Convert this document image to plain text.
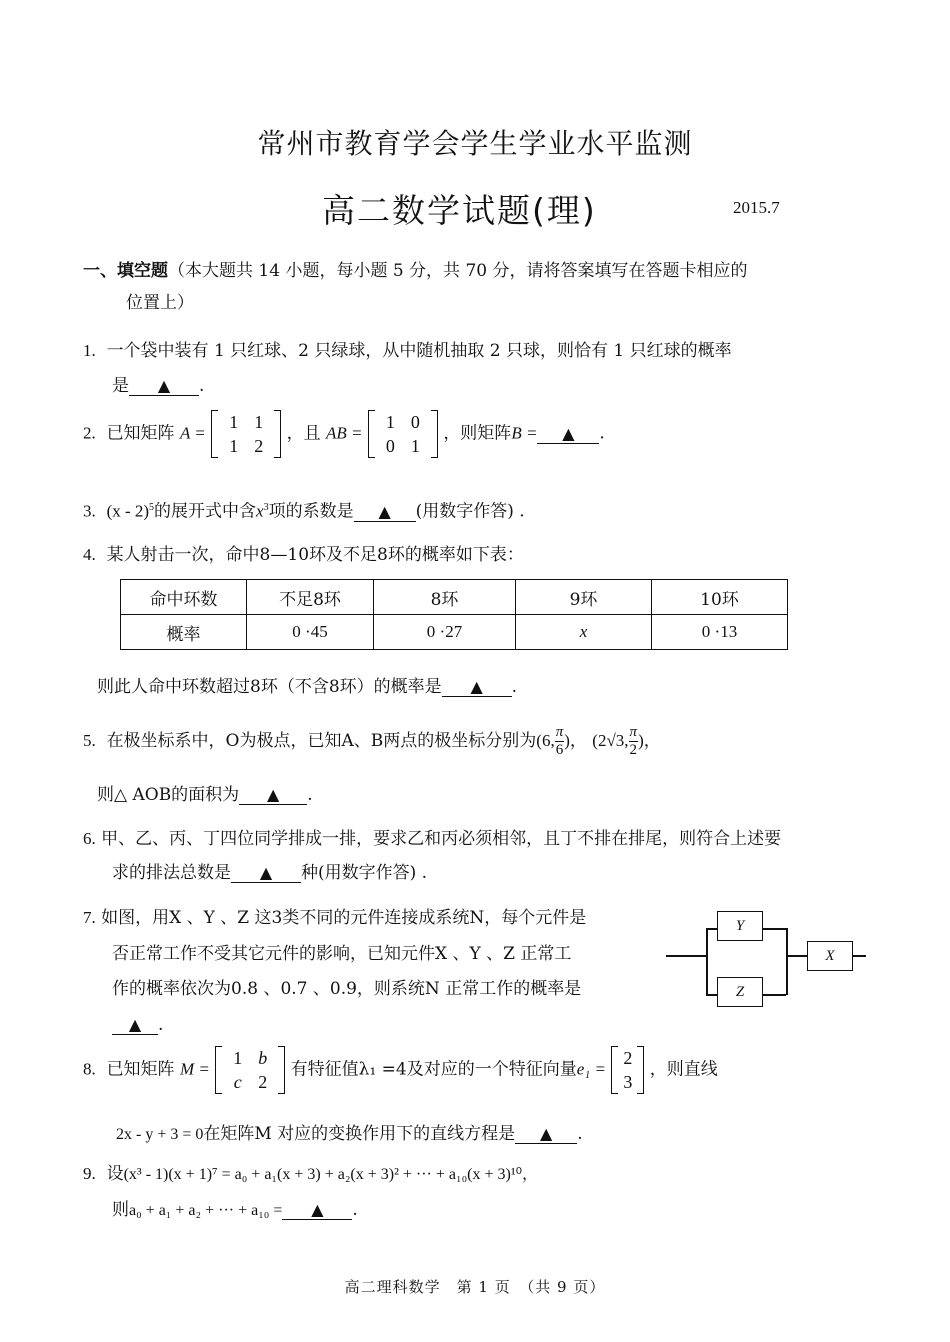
常州市教育学会学生学业水平监测
高二数学试题(理)	2015.7
一、填空题（本大题共 14 小题，每小题 5 分，共 70 分，请将答案填写在答题卡相应的
位置上）
1. 一个袋中装有 1 只红球、2 只绿球，从中随机抽取 2 只球，则恰有 1 只红球的概率
是 ▲ .
2. 已知矩阵 A =
1	1
1	2
，且 AB =
1	0
0	1
，则矩阵B = ▲ .
3. (x - 2)$^5$的展开式中含$x^3$项的系数是 ▲ (用数字作答) .
4. 某人射击一次，命中8—10环及不足8环的概率如下表：
命中环数	不足8环	8环	9环	10环
概率	0 ·45	0 ·27	x	0 ·13
则此人命中环数超过8环（不含8环）的概率是 ▲ .
5. 在极坐标系中，O为极点，已知A、B两点的极坐标分别为(6, $\frac{\pi}{6}$ )， (2√3, $\frac{\pi}{2}$ )，
则△ AOB的面积为 ▲ .
6. 甲、乙、丙、丁四位同学排成一排，要求乙和丙必须相邻，且丁不排在排尾，则符合上述要
求的排法总数是 ▲ 种(用数字作答) .
7. 如图，用X 、Y 、Z 这3类不同的元件连接成系统N，每个元件是
否正常工作不受其它元件的影响，已知元件X 、Y 、Z 正常工
作的概率依次为0.8 、0.7 、0.9，则系统N 正常工作的概率是
▲ .
Y
Z
X
8. 已知矩阵 M =
1	b
c	2
有特征值λ₁ =4及对应的一个特征向量e₁ =
2
3
，则直线
2x - y + 3 = 0在矩阵M 对应的变换作用下的直线方程是 ▲ .
9. 设(x³ - 1)(x + 1)⁷ = a₀ + a₁(x + 3) + a₂(x + 3)² + ··· + a₁₀(x + 3)¹⁰，
则a₀ + a₁ + a₂ + ··· + a₁₀ = ▲ .
高二理科数学　第 1 页　（共 9 页）
